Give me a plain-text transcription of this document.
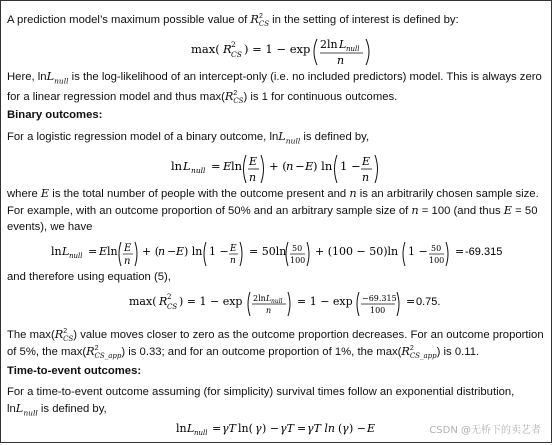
A prediction model’s maximum possible value of $R^2_{CS}$ in the setting of interest is defined by:
max( R 2
CS ) = 1 − exp 2ln L null
n
Here, lnL$_{null}$ is the log-likelihood of an intercept-only (i.e. no included predictors) model. This is always zero
for a linear regression model and thus $\max(R^2_{CS})$ is 1 for continuous outcomes.
Binary outcomes:
For a logistic regression model of a binary outcome, lnL$_{null}$ is defined by,
ln L null = E ln E
n
+ ( n − E ) ln 1 − E
n
where E is the total number of people with the outcome present and n is an arbitrarily chosen sample size.
For example, with an outcome proportion of 50% and an arbitrary sample size of n = 100 (and thus E = 50
events), we have
ln L null = E ln E
n
+ (
n − E ) ln 1 − E
n
= 50ln 50
100
+ (100 − 50)ln 1 − 50
100
= -69.315
and therefore using equation (5),
max( R 2
CS ) = 1 − exp 2ln L null
n
= 1 − exp −69.315
100
= 0.75.
The $\max(R^2_{CS})$ value moves closer to zero as the outcome proportion decreases. For an outcome proportion
of 5%, the $\max(R^2_{CS\_app})$ is 0.33; and for an outcome proportion of 1%, the $\max(R^2_{CS\_app})$ is 0.11.
Time-to-event outcomes:
For a time-to-event outcome assuming (for simplicity) survival times follow an exponential distribution,
lnL$_{null}$ is defined by,
ln L null = γT ln( γ ) − γT = γT ln ( γ ) − E	CSDN @无桥下的卖艺者
